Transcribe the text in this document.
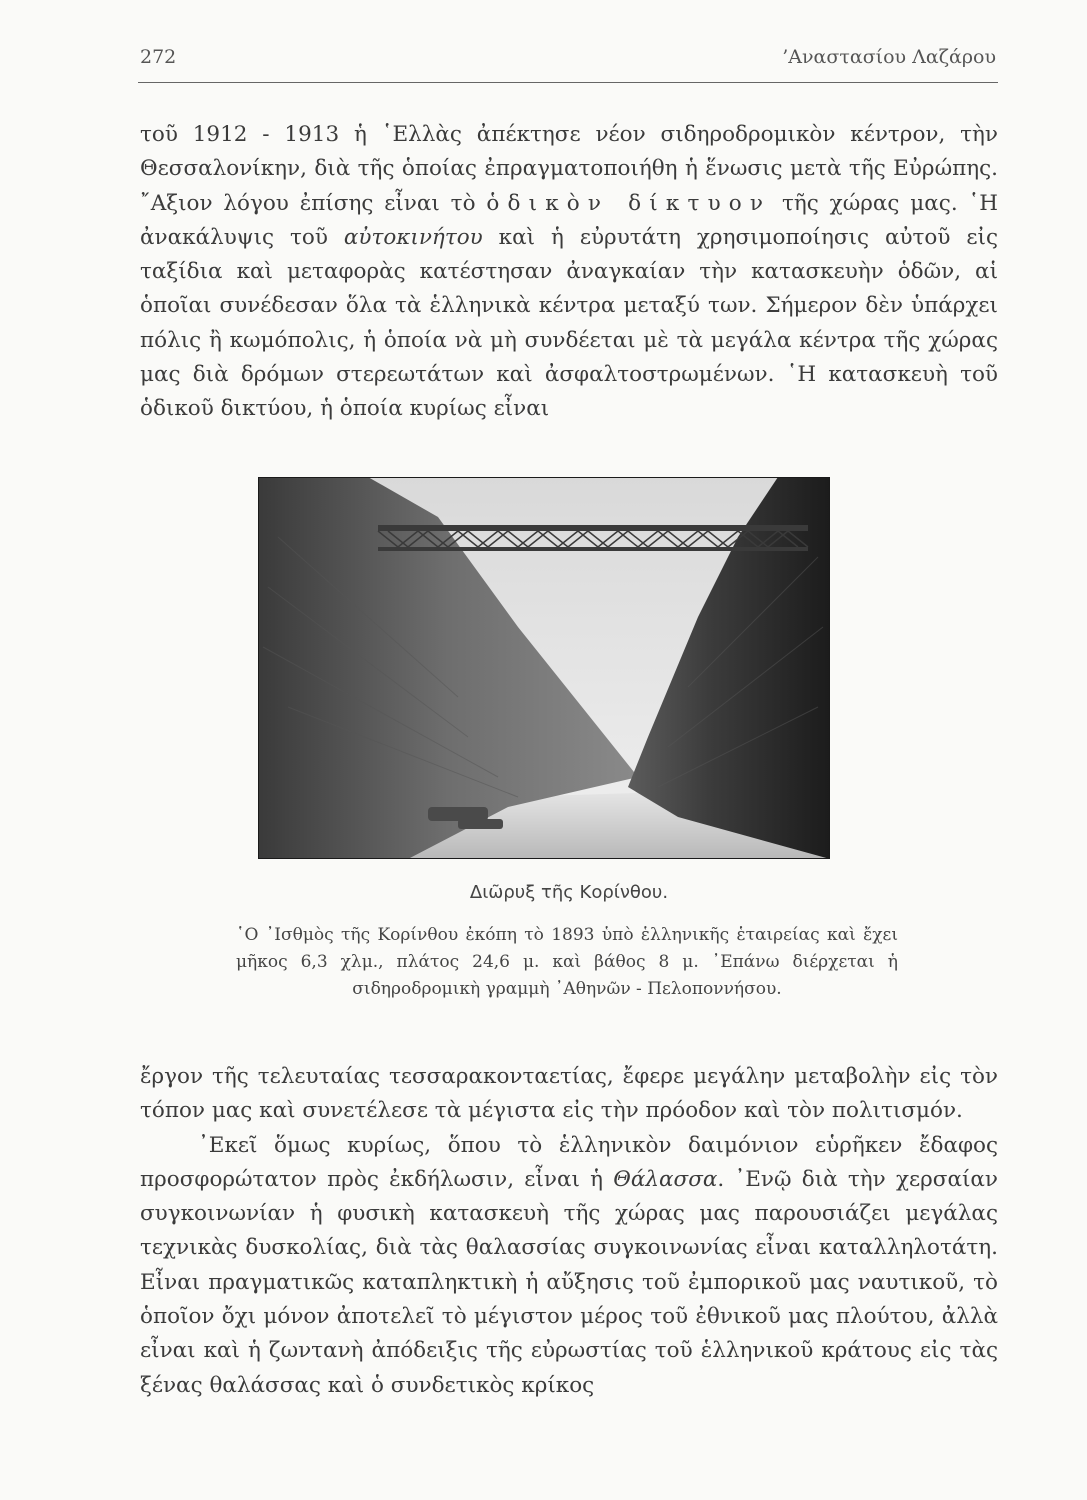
272	’Αναστασίου Λαζάρου

τοῦ 1912 - 1913 ἡ ῾Ελλὰς ἀπέκτησε νέον σιδηροδρομικὸν κέντρον, τὴν Θεσσαλονίκην, διὰ τῆς ὁποίας ἐπραγματοποιήθη ἡ ἕνωσις μετὰ τῆς Εὐρώπης. ῎Αξιον λόγου ἐπίσης εἶναι τὸ ὁδικὸν δίκτυον τῆς χώρας μας. ῾Η ἀνακάλυψις τοῦ αὐτοκινήτου καὶ ἡ εὐρυτάτη χρησιμοποίησις αὐτοῦ εἰς ταξίδια καὶ μεταφορὰς κατέστησαν ἀναγκαίαν τὴν κατασκευὴν ὁδῶν, αἱ ὁποῖαι συνέδεσαν ὅλα τὰ ἑλληνικὰ κέντρα μεταξύ των. Σήμερον δὲν ὑπάρχει πόλις ἢ κωμόπολις, ἡ ὁποία νὰ μὴ συνδέεται μὲ τὰ μεγάλα κέντρα τῆς χώρας μας διὰ δρόμων στερεωτάτων καὶ ἀσφαλτοστρωμένων. ῾Η κατασκευὴ τοῦ ὁδικοῦ δικτύου, ἡ ὁποία κυρίως εἶναι

Διῶρυξ τῆς Κορίνθου.

῾Ο ᾿Ισθμὸς τῆς Κορίνθου ἐκόπη τὸ 1893 ὑπὸ ἑλληνικῆς ἑταιρείας καὶ ἔχει μῆκος 6,3 χλμ., πλάτος 24,6 μ. καὶ βάθος 8 μ. ᾿Επάνω διέρχεται ἡ σιδηροδρομικὴ γραμμὴ ᾿Αθηνῶν - Πελοποννήσου.

ἔργον τῆς τελευταίας τεσσαρακονταετίας, ἔφερε μεγάλην μεταβολὴν εἰς τὸν τόπον μας καὶ συνετέλεσε τὰ μέγιστα εἰς τὴν πρόοδον καὶ τὸν πολιτισμόν.
᾿Εκεῖ ὅμως κυρίως, ὅπου τὸ ἑλληνικὸν δαιμόνιον εὑρῆκεν ἔδαφος προσφορώτατον πρὸς ἐκδήλωσιν, εἶναι ἡ Θάλασσα. ᾿Ενῷ διὰ τὴν χερσαίαν συγκοινωνίαν ἡ φυσικὴ κατασκευὴ τῆς χώρας μας παρουσιάζει μεγάλας τεχνικὰς δυσκολίας, διὰ τὰς θαλασσίας συγκοινωνίας εἶναι καταλληλοτάτη. Εἶναι πραγματικῶς καταπληκτικὴ ἡ αὔξησις τοῦ ἐμπορικοῦ μας ναυτικοῦ, τὸ ὁποῖον ὄχι μόνον ἀποτελεῖ τὸ μέγιστον μέρος τοῦ ἐθνικοῦ μας πλούτου, ἀλλὰ εἶναι καὶ ἡ ζωντανὴ ἀπόδειξις τῆς εὐρωστίας τοῦ ἑλληνικοῦ κράτους εἰς τὰς ξένας θαλάσσας καὶ ὁ συνδετικὸς κρίκος
